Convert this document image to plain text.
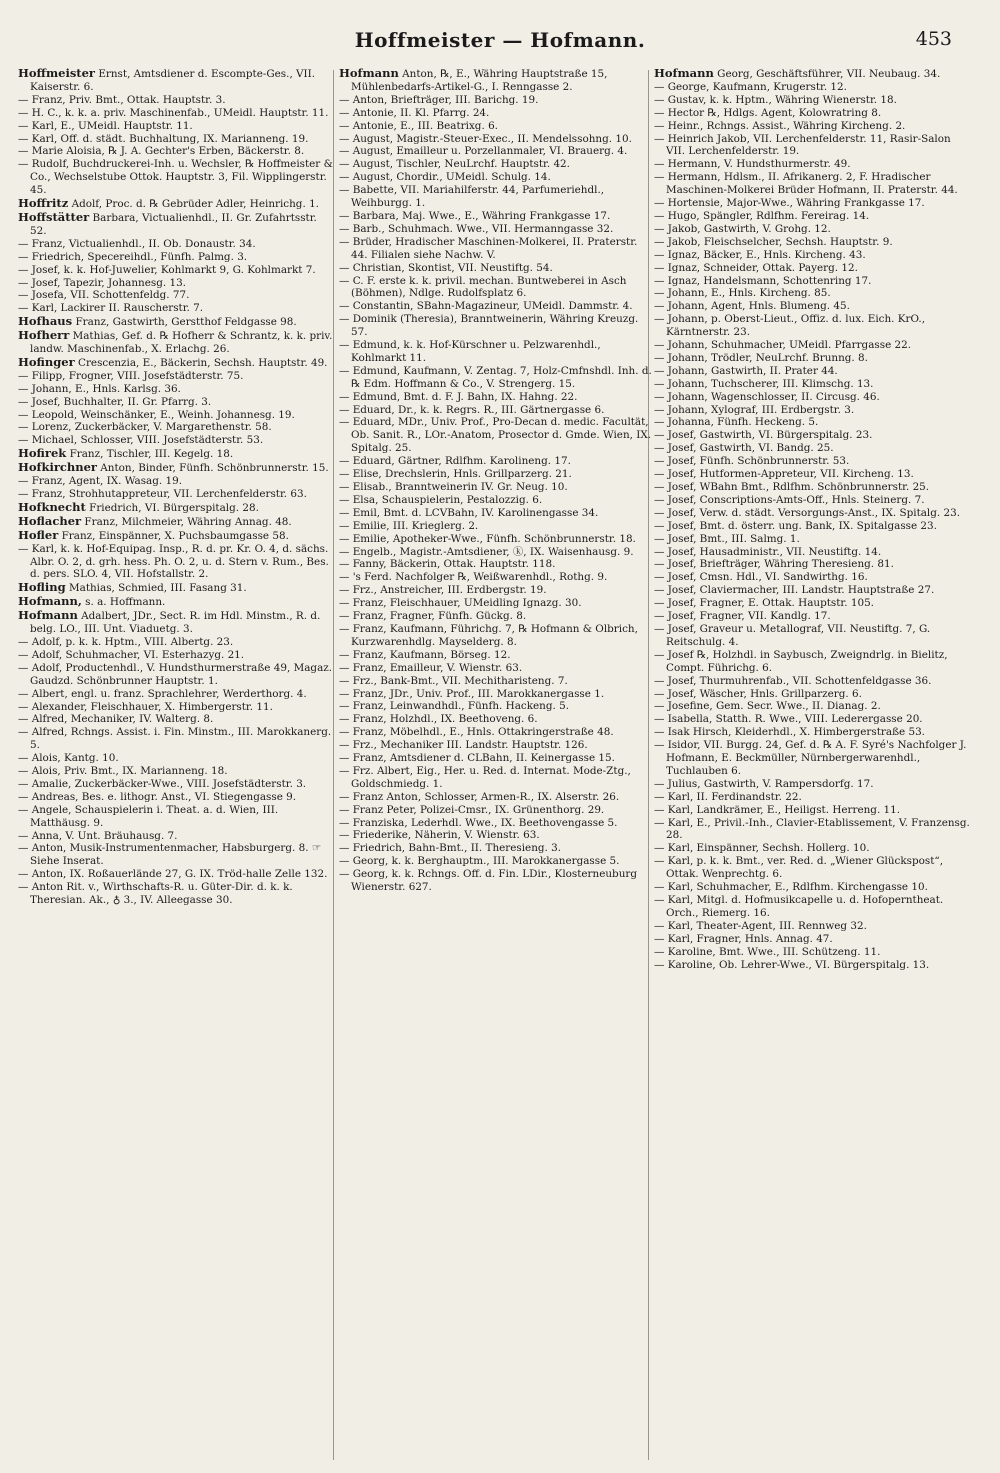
Hoffmeister — Hofmann.	453

Hoffmeister Ernst, Amtsdiener d. Escompte-Ges., VII. Kaiserstr. 6.

— Franz, Priv. Bmt., Ottak. Hauptstr. 3.

— H. C., k. k. a. priv. Maschinenfab., UMeidl. Hauptstr. 11.

— Karl, E., UMeidl. Hauptstr. 11.

— Karl, Off. d. städt. Buchhaltung, IX. Marianneng. 19.

— Marie Aloisia, ℞ J. A. Gechter's Erben, Bäckerstr. 8.

— Rudolf, Buchdruckerei-Inh. u. Wechsler, ℞ Hoffmeister & Co., Wechselstube Ottok. Hauptstr. 3, Fil. Wipplingerstr. 45.

Hoffritz Adolf, Proc. d. ℞ Gebrüder Adler, Heinrichg. 1.

Hoffstätter Barbara, Victualienhdl., II. Gr. Zufahrtsstr. 52.

— Franz, Victualienhdl., II. Ob. Donaustr. 34.

— Friedrich, Specereihdl., Fünfh. Palmg. 3.

— Josef, k. k. Hof-Juwelier, Kohlmarkt 9, G. Kohlmarkt 7.

— Josef, Tapezir, Johannesg. 13.

— Josefa, VII. Schottenfeldg. 77.

— Karl, Lackirer II. Rauscherstr. 7.

Hofhaus Franz, Gastwirth, Gerstthof Feldgasse 98.

Hofherr Mathias, Gef. d. ℞ Hofherr & Schrantz, k. k. priv. landw. Maschinenfab., X. Erlachg. 26.

Hofinger Crescenzia, E., Bäckerin, Sechsh. Hauptstr. 49.

— Filipp, Frogner, VIII. Josefstädterstr. 75.

— Johann, E., Hnls. Karlsg. 36.

— Josef, Buchhalter, II. Gr. Pfarrg. 3.

— Leopold, Weinschänker, E., Weinh. Johannesg. 19.

— Lorenz, Zuckerbäcker, V. Margarethenstr. 58.

— Michael, Schlosser, VIII. Josefstädterstr. 53.

Hofirek Franz, Tischler, III. Kegelg. 18.

Hofkirchner Anton, Binder, Fünfh. Schönbrunnerstr. 15.

— Franz, Agent, IX. Wasag. 19.

— Franz, Strohhutappreteur, VII. Lerchenfelderstr. 63.

Hofknecht Friedrich, VI. Bürgerspitalg. 28.

Hoflacher Franz, Milchmeier, Währing Annag. 48.

Hofler Franz, Einspänner, X. Puchsbaumgasse 58.

— Karl, k. k. Hof-Equipag. Insp., R. d. pr. Kr. O. 4, d. sächs. Albr. O. 2, d. grh. hess. Ph. O. 2, u. d. Stern v. Rum., Bes. d. pers. SLO. 4, VII. Hofstallstr. 2.

Hofling Mathias, Schmied, III. Fasang 31.

Hofmann, s. a. Hoffmann.

Hofmann Adalbert, JDr., Sect. R. im Hdl. Minstm., R. d. belg. LO., III. Unt. Viaduetg. 3.

— Adolf, p. k. k. Hptm., VIII. Albertg. 23.

— Adolf, Schuhmacher, VI. Esterhazyg. 21.

— Adolf, Productenhdl., V. Hundsthurmerstraße 49, Magaz. Gaudzd. Schönbrunner Hauptstr. 1.

— Albert, engl. u. franz. Sprachlehrer, Werderthorg. 4.

— Alexander, Fleischhauer, X. Himbergerstr. 11.

— Alfred, Mechaniker, IV. Walterg. 8.

— Alfred, Rchngs. Assist. i. Fin. Minstm., III. Marokkanerg. 5.

— Alois, Kantg. 10.

— Alois, Priv. Bmt., IX. Marianneng. 18.

— Amalie, Zuckerbäcker-Wwe., VIII. Josefstädterstr. 3.

— Andreas, Bes. e. lithogr. Anst., VI. Stiegengasse 9.

— Angele, Schauspielerin i. Theat. a. d. Wien, III. Matthäusg. 9.

— Anna, V. Unt. Bräuhausg. 7.

— Anton, Musik-Instrumentenmacher, Habsburgerg. 8. ☞ Siehe Inserat.

— Anton, IX. Roßauerlände 27, G. IX. Tröd-halle Zelle 132.

— Anton Rit. v., Wirthschafts-R. u. Güter-Dir. d. k. k. Theresian. Ak., ♁ 3., IV. Alleegasse 30.

Hofmann Anton, ℞, E., Währing Hauptstraße 15, Mühlenbedarfs-Artikel-G., I. Renngasse 2.

— Anton, Briefträger, III. Barichg. 19.

— Antonie, II. Kl. Pfarrg. 24.

— Antonie, E., III. Beatrixg. 6.

— August, Magistr.-Steuer-Exec., II. Mendelssohng. 10.

— August, Emailleur u. Porzellanmaler, VI. Brauerg. 4.

— August, Tischler, NeuLrchf. Hauptstr. 42.

— August, Chordir., UMeidl. Schulg. 14.

— Babette, VII. Mariahilferstr. 44, Parfumeriehdl., Weihburgg. 1.

— Barbara, Maj. Wwe., E., Währing Frankgasse 17.

— Barb., Schuhmach. Wwe., VII. Hermanngasse 32.

— Brüder, Hradischer Maschinen-Molkerei, II. Praterstr. 44. Filialen siehe Nachw. V.

— Christian, Skontist, VII. Neustiftg. 54.

— C. F. erste k. k. privil. mechan. Buntweberei in Asch (Böhmen), Ndlge. Rudolfsplatz 6.

— Constantin, SBahn-Magazineur, UMeidl. Dammstr. 4.

— Dominik (Theresia), Branntweinerin, Währing Kreuzg. 57.

— Edmund, k. k. Hof-Kürschner u. Pelzwarenhdl., Kohlmarkt 11.

— Edmund, Kaufmann, V. Zentag. 7, Holz-Cmfnshdl. Inh. d. ℞ Edm. Hoffmann & Co., V. Strengerg. 15.

— Edmund, Bmt. d. F. J. Bahn, IX. Hahng. 22.

— Eduard, Dr., k. k. Regrs. R., III. Gärtnergasse 6.

— Eduard, MDr., Univ. Prof., Pro-Decan d. medic. Facultät, Ob. Sanit. R., LOr.-Anatom, Prosector d. Gmde. Wien, IX. Spitalg. 25.

— Eduard, Gärtner, Rdlfhm. Karolineng. 17.

— Elise, Drechslerin, Hnls. Grillparzerg. 21.

— Elisab., Branntweinerin IV. Gr. Neug. 10.

— Elsa, Schauspielerin, Pestalozzig. 6.

— Emil, Bmt. d. LCVBahn, IV. Karolinengasse 34.

— Emilie, III. Krieglerg. 2.

— Emilie, Apotheker-Wwe., Fünfh. Schönbrunnerstr. 18.

— Engelb., Magistr.-Amtsdiener, ⓚ, IX. Waisenhausg. 9.

— Fanny, Bäckerin, Ottak. Hauptstr. 118.

— 's Ferd. Nachfolger ℞, Weißwarenhdl., Rothg. 9.

— Frz., Anstreicher, III. Erdbergstr. 19.

— Franz, Fleischhauer, UMeidling Ignazg. 30.

— Franz, Fragner, Fünfh. Gückg. 8.

— Franz, Kaufmann, Führichg. 7, ℞ Hofmann & Olbrich, Kurzwarenhdlg. Mayselderg. 8.

— Franz, Kaufmann, Börseg. 12.

— Franz, Emailleur, V. Wienstr. 63.

— Frz., Bank-Bmt., VII. Mechitharisteng. 7.

— Franz, JDr., Univ. Prof., III. Marokkanergasse 1.

— Franz, Leinwandhdl., Fünfh. Hackeng. 5.

— Franz, Holzhdl., IX. Beethoveng. 6.

— Franz, Möbelhdl., E., Hnls. Ottakringerstraße 48.

— Frz., Mechaniker III. Landstr. Hauptstr. 126.

— Franz, Amtsdiener d. CLBahn, II. Keinergasse 15.

— Frz. Albert, Eig., Her. u. Red. d. Internat. Mode-Ztg., Goldschmiedg. 1.

— Franz Anton, Schlosser, Armen-R., IX. Alserstr. 26.

— Franz Peter, Polizei-Cmsr., IX. Grünenthorg. 29.

— Franziska, Lederhdl. Wwe., IX. Beethovengasse 5.

— Friederike, Näherin, V. Wienstr. 63.

— Friedrich, Bahn-Bmt., II. Theresieng. 3.

— Georg, k. k. Berghauptm., III. Marokkanergasse 5.

— Georg, k. k. Rchngs. Off. d. Fin. LDir., Klosterneuburg Wienerstr. 627.

Hofmann Georg, Geschäftsführer, VII. Neubaug. 34.

— George, Kaufmann, Krugerstr. 12.

— Gustav, k. k. Hptm., Währing Wienerstr. 18.

— Hector ℞, Hdlgs. Agent, Kolowratring 8.

— Heinr., Rchngs. Assist., Währing Kircheng. 2.

— Heinrich Jakob, VII. Lerchenfelderstr. 11, Rasir-Salon VII. Lerchenfelderstr. 19.

— Hermann, V. Hundsthurmerstr. 49.

— Hermann, Hdlsm., II. Afrikanerg. 2, F. Hradischer Maschinen-Molkerei Brüder Hofmann, II. Praterstr. 44.

— Hortensie, Major-Wwe., Währing Frankgasse 17.

— Hugo, Spängler, Rdlfhm. Fereirag. 14.

— Jakob, Gastwirth, V. Grohg. 12.

— Jakob, Fleischselcher, Sechsh. Hauptstr. 9.

— Ignaz, Bäcker, E., Hnls. Kircheng. 43.

— Ignaz, Schneider, Ottak. Payerg. 12.

— Ignaz, Handelsmann, Schottenring 17.

— Johann, E., Hnls. Kircheng. 85.

— Johann, Agent, Hnls. Blumeng. 45.

— Johann, p. Oberst-Lieut., Offiz. d. lux. Eich. KrO., Kärntnerstr. 23.

— Johann, Schuhmacher, UMeidl. Pfarrgasse 22.

— Johann, Trödler, NeuLrchf. Brunng. 8.

— Johann, Gastwirth, II. Prater 44.

— Johann, Tuchscherer, III. Klimschg. 13.

— Johann, Wagenschlosser, II. Circusg. 46.

— Johann, Xylograf, III. Erdbergstr. 3.

— Johanna, Fünfh. Heckeng. 5.

— Josef, Gastwirth, VI. Bürgerspitalg. 23.

— Josef, Gastwirth, VI. Bandg. 25.

— Josef, Fünfh. Schönbrunnerstr. 53.

— Josef, Hutformen-Appreteur, VII. Kircheng. 13.

— Josef, WBahn Bmt., Rdlfhm. Schönbrunnerstr. 25.

— Josef, Conscriptions-Amts-Off., Hnls. Steinerg. 7.

— Josef, Verw. d. städt. Versorgungs-Anst., IX. Spitalg. 23.

— Josef, Bmt. d. österr. ung. Bank, IX. Spitalgasse 23.

— Josef, Bmt., III. Salmg. 1.

— Josef, Hausadministr., VII. Neustiftg. 14.

— Josef, Briefträger, Währing Theresieng. 81.

— Josef, Cmsn. Hdl., VI. Sandwirthg. 16.

— Josef, Claviermacher, III. Landstr. Hauptstraße 27.

— Josef, Fragner, E. Ottak. Hauptstr. 105.

— Josef, Fragner, VII. Kandlg. 17.

— Josef, Graveur u. Metallograf, VII. Neustiftg. 7, G. Reitschulg. 4.

— Josef ℞, Holzhdl. in Saybusch, Zweigndrlg. in Bielitz, Compt. Führichg. 6.

— Josef, Thurmuhrenfab., VII. Schottenfeldgasse 36.

— Josef, Wäscher, Hnls. Grillparzerg. 6.

— Josefine, Gem. Secr. Wwe., II. Dianag. 2.

— Isabella, Statth. R. Wwe., VIII. Lederergasse 20.

— Isak Hirsch, Kleiderhdl., X. Himbergerstraße 53.

— Isidor, VII. Burgg. 24, Gef. d. ℞ A. F. Syré's Nachfolger J. Hofmann, E. Beckmüller, Nürnbergerwarenhdl., Tuchlauben 6.

— Julius, Gastwirth, V. Rampersdorfg. 17.

— Karl, II. Ferdinandstr. 22.

— Karl, Landkrämer, E., Heiligst. Herreng. 11.

— Karl, E., Privil.-Inh., Clavier-Etablissement, V. Franzensg. 28.

— Karl, Einspänner, Sechsh. Hollerg. 10.

— Karl, p. k. k. Bmt., ver. Red. d. „Wiener Glückspost“, Ottak. Wenprechtg. 6.

— Karl, Schuhmacher, E., Rdlfhm. Kirchengasse 10.

— Karl, Mitgl. d. Hofmusikcapelle u. d. Hofoperntheat. Orch., Riemerg. 16.

— Karl, Theater-Agent, III. Rennweg 32.

— Karl, Fragner, Hnls. Annag. 47.

— Karoline, Bmt. Wwe., III. Schützeng. 11.

— Karoline, Ob. Lehrer-Wwe., VI. Bürgerspitalg. 13.
